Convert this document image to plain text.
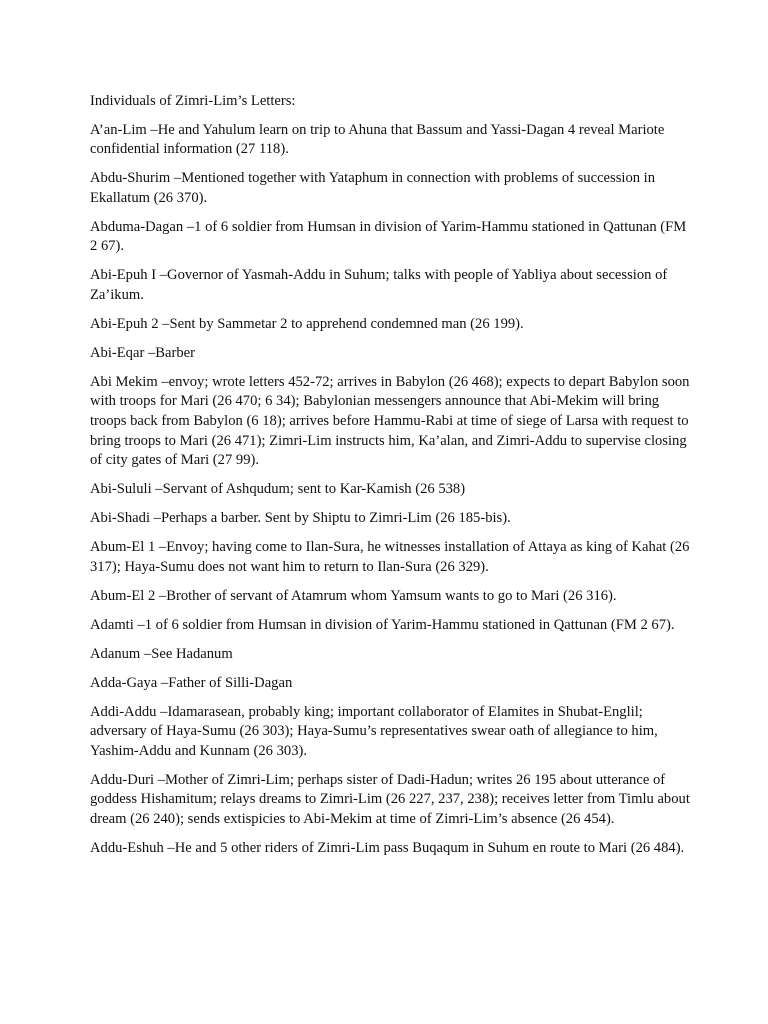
Individuals of Zimri-Lim’s Letters:

A’an-Lim – He and Yahulum learn on trip to Ahuna that Bassum and Yassi-Dagan 4 reveal Mariote confidential information (27 118).

Abdu-Shurim – Mentioned together with Yataphum in connection with problems of succession in Ekallatum (26 370).

Abduma-Dagan – 1 of 6 soldier from Humsan in division of Yarim-Hammu stationed in Qattunan (FM 2 67).

Abi-Epuh I – Governor of Yasmah-Addu in Suhum; talks with people of Yabliya about secession of Za’ikum.

Abi-Epuh 2 – Sent by Sammetar 2 to apprehend condemned man (26 199).

Abi-Eqar – Barber

Abi Mekim – envoy; wrote letters 452-72; arrives in Babylon (26 468); expects to depart Babylon soon with troops for Mari (26 470; 6 34); Babylonian messengers announce that Abi-Mekim will bring troops back from Babylon (6 18); arrives before Hammu-Rabi at time of siege of Larsa with request to bring troops to Mari (26 471); Zimri-Lim instructs him, Ka’alan, and Zimri-Addu to supervise closing of city gates of Mari (27 99).

Abi-Sululi – Servant of Ashqudum; sent to Kar-Kamish (26 538)

Abi-Shadi – Perhaps a barber. Sent by Shiptu to Zimri-Lim (26 185-bis).

Abum-El 1 – Envoy; having come to Ilan-Sura, he witnesses installation of Attaya as king of Kahat (26 317); Haya-Sumu does not want him to return to Ilan-Sura (26 329).

Abum-El 2 – Brother of servant of Atamrum whom Yamsum wants to go to Mari (26 316).

Adamti – 1 of 6 soldier from Humsan in division of Yarim-Hammu stationed in Qattunan (FM 2 67).

Adanum – See Hadanum

Adda-Gaya – Father of Silli-Dagan

Addi-Addu – Idamarasean, probably king; important collaborator of Elamites in Shubat-Englil; adversary of Haya-Sumu (26 303); Haya-Sumu’s representatives swear oath of allegiance to him, Yashim-Addu and Kunnam (26 303).

Addu-Duri – Mother of Zimri-Lim; perhaps sister of Dadi-Hadun; writes 26 195 about utterance of goddess Hishamitum; relays dreams to Zimri-Lim (26 227, 237, 238); receives letter from Timlu about dream (26 240); sends extispicies to Abi-Mekim at time of Zimri-Lim’s absence (26 454).

Addu-Eshuh – He and 5 other riders of Zimri-Lim pass Buqaqum in Suhum en route to Mari (26 484).
